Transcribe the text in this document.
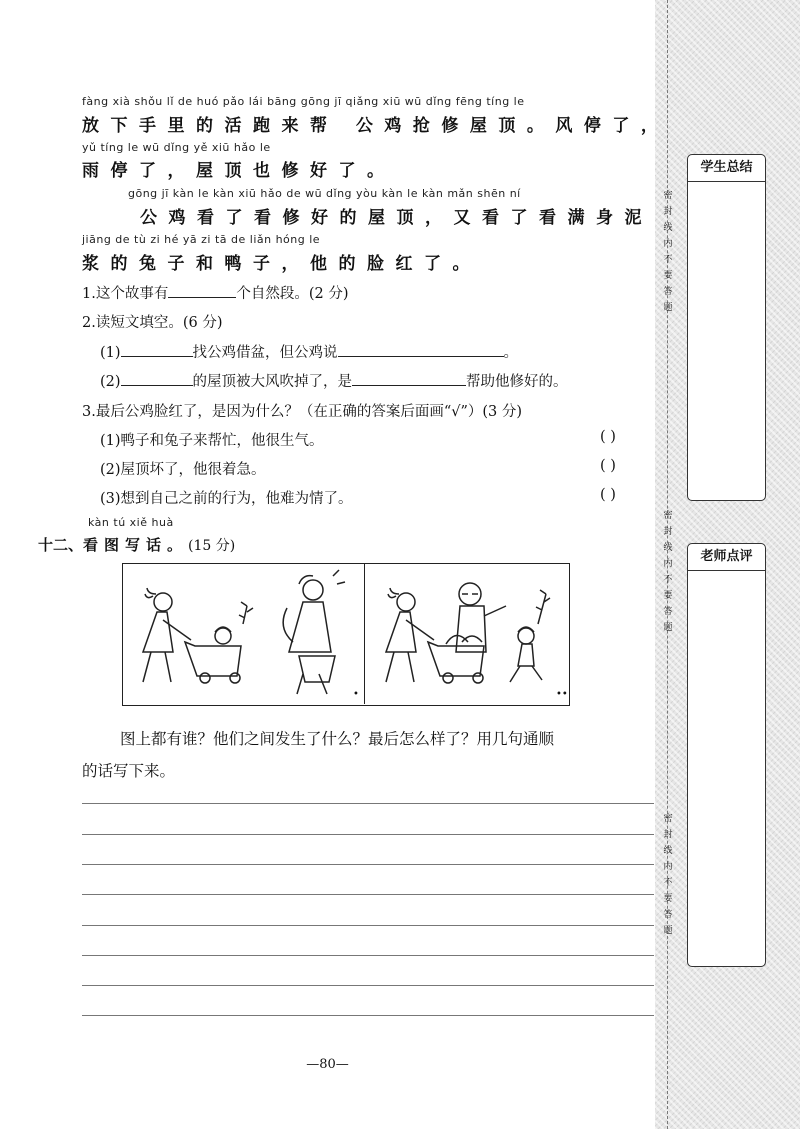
密
封
线
内
不
要
答
题
密
封
线
内
不
要
答
题
密
封
线
内
不
要
答
题
学生总结
老师点评
fàng xià shǒu lǐ de huó pǎo lái bāng gōng jī qiǎng xiū wū dǐng fēng tíng le
放下手里的活跑来帮 公鸡抢修屋顶。风停了，
yǔ tíng le wū dǐng yě xiū hǎo le
雨停了，屋顶也修好了。
gōng jī kàn le kàn xiū hǎo de wū dǐng yòu kàn le kàn mǎn shēn ní
公鸡看了看修好的屋顶，又看了看满身泥
jiāng de tù zi hé yā zi tā de liǎn hóng le
浆的兔子和鸭子，他的脸红了。
1.这个故事有	个自然段。(2 分)
2.读短文填空。(6 分)
(1)	找公鸡借盆，但公鸡说	。
(2)	的屋顶被大风吹掉了，是	帮助他修好的。
3.最后公鸡脸红了，是因为什么？（在正确的答案后面画“√”）(3 分)
(1)鸭子和兔子来帮忙，他很生气。	( )
(2)屋顶坏了，他很着急。	( )
(3)想到自己之前的行为，他难为情了。	( )
kàn tú xiě huà
十二、看图写话。(15 分)
•	••
图上都有谁？他们之间发生了什么？最后怎么样了？用几句通顺
的话写下来。
—80—
